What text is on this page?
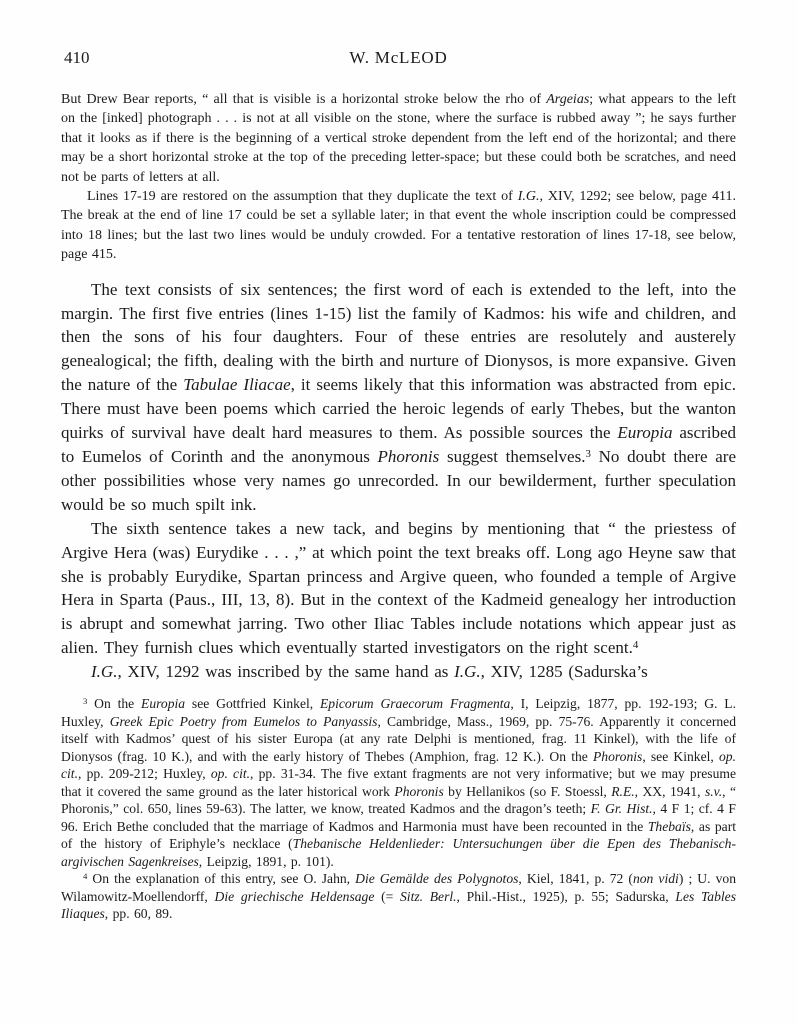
410	W. McLEOD

But Drew Bear reports, “ all that is visible is a horizontal stroke below the rho of Argeias; what appears to the left on the [inked] photograph . . . is not at all visible on the stone, where the surface is rubbed away ”; he says further that it looks as if there is the beginning of a vertical stroke dependent from the left end of the horizontal; and there may be a short horizontal stroke at the top of the preceding letter-space; but these could both be scratches, and need not be parts of letters at all.

Lines 17-19 are restored on the assumption that they duplicate the text of I.G., XIV, 1292; see below, page 411. The break at the end of line 17 could be set a syllable later; in that event the whole inscription could be compressed into 18 lines; but the last two lines would be unduly crowded. For a tentative restoration of lines 17-18, see below, page 415.

The text consists of six sentences; the first word of each is extended to the left, into the margin. The first five entries (lines 1-15) list the family of Kadmos: his wife and children, and then the sons of his four daughters. Four of these entries are resolutely and austerely genealogical; the fifth, dealing with the birth and nurture of Dionysos, is more expansive. Given the nature of the Tabulae Iliacae, it seems likely that this information was abstracted from epic. There must have been poems which carried the heroic legends of early Thebes, but the wanton quirks of survival have dealt hard measures to them. As possible sources the Europia ascribed to Eumelos of Corinth and the anonymous Phoronis suggest themselves.$^3$ No doubt there are other possibilities whose very names go unrecorded. In our bewilderment, further speculation would be so much spilt ink.

The sixth sentence takes a new tack, and begins by mentioning that “ the priestess of Argive Hera (was) Eurydike . . . ,” at which point the text breaks off. Long ago Heyne saw that she is probably Eurydike, Spartan princess and Argive queen, who founded a temple of Argive Hera in Sparta (Paus., III, 13, 8). But in the context of the Kadmeid genealogy her introduction is abrupt and somewhat jarring. Two other Iliac Tables include notations which appear just as alien. They furnish clues which eventually started investigators on the right scent.$^4$

I.G., XIV, 1292 was inscribed by the same hand as I.G., XIV, 1285 (Sadurska’s

$^3$ On the Europia see Gottfried Kinkel, Epicorum Graecorum Fragmenta, I, Leipzig, 1877, pp. 192-193; G. L. Huxley, Greek Epic Poetry from Eumelos to Panyassis, Cambridge, Mass., 1969, pp. 75-76. Apparently it concerned itself with Kadmos’ quest of his sister Europa (at any rate Delphi is mentioned, frag. 11 Kinkel), with the life of Dionysos (frag. 10 K.), and with the early history of Thebes (Amphion, frag. 12 K.). On the Phoronis, see Kinkel, op. cit., pp. 209-212; Huxley, op. cit., pp. 31-34. The five extant fragments are not very informative; but we may presume that it covered the same ground as the later historical work Phoronis by Hellanikos (so F. Stoessl, R.E., XX, 1941, s.v., “ Phoronis,” col. 650, lines 59-63). The latter, we know, treated Kadmos and the dragon’s teeth; F. Gr. Hist., 4 F 1; cf. 4 F 96. Erich Bethe concluded that the marriage of Kadmos and Harmonia must have been recounted in the Thebaïs, as part of the history of Eriphyle’s necklace (Thebanische Heldenlieder: Untersuchungen über die Epen des Thebanisch-argivischen Sagenkreises, Leipzig, 1891, p. 101).

$^4$ On the explanation of this entry, see O. Jahn, Die Gemälde des Polygnotos, Kiel, 1841, p. 72 (non vidi) ; U. von Wilamowitz-Moellendorff, Die griechische Heldensage (= Sitz. Berl., Phil.-Hist., 1925), p. 55; Sadurska, Les Tables Iliaques, pp. 60, 89.
